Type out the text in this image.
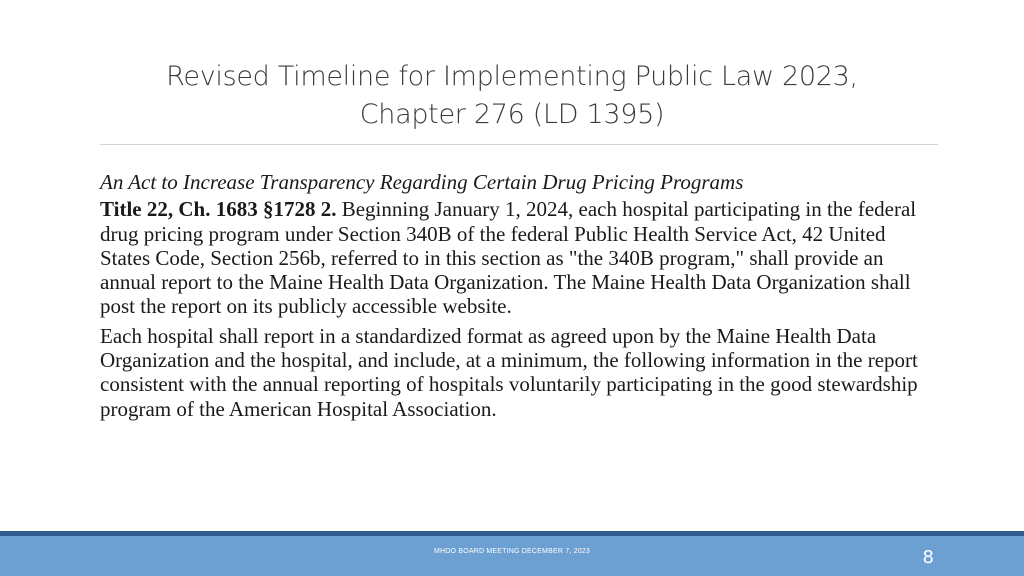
Revised Timeline for Implementing Public Law 2023,
Chapter 276 (LD 1395)
An Act to Increase Transparency Regarding Certain Drug Pricing Programs
Title 22, Ch. 1683 §1728 2. Beginning January 1, 2024, each hospital participating in the federal drug pricing program under Section 340B of the federal Public Health Service Act, 42 United States Code, Section 256b, referred to in this section as "the 340B program," shall provide an annual report to the Maine Health Data Organization. The Maine Health Data Organization shall post the report on its publicly accessible website.
Each hospital shall report in a standardized format as agreed upon by the Maine Health Data Organization and the hospital, and include, at a minimum, the following information in the report consistent with the annual reporting of hospitals voluntarily participating in the good stewardship program of the American Hospital Association.
MHDO BOARD MEETING DECEMBER 7, 2023	8
